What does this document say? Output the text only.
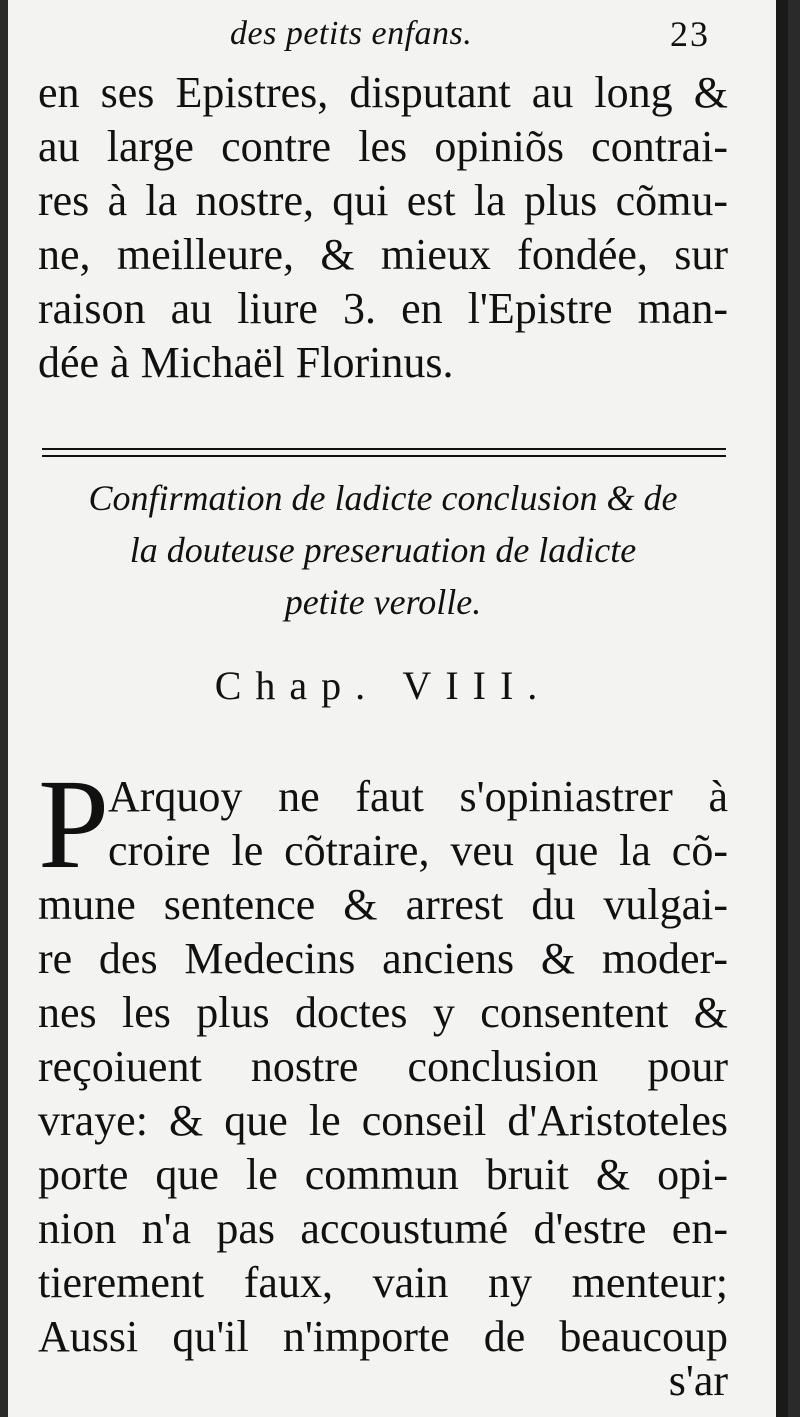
des petits enfans.	23
en ses Epistres, disputant au long &
au large contre les opiniõs contrai-
res à la nostre, qui est la plus cõmu-
ne, meilleure, & mieux fondée, sur
raison au liure 3. en l'Epistre man-
dée à Michaël Florinus.
Confirmation de ladicte conclusion & de
la douteuse preseruation de ladicte
petite verolle.
Chap. VIII.
P
Arquoy ne faut s'opiniastrer à
croire le cõtraire, veu que la cõ-
mune sentence & arrest du vulgai-
re des Medecins anciens & moder-
nes les plus doctes y consentent &
reçoiuent nostre conclusion pour
vraye: & que le conseil d'Aristoteles
porte que le commun bruit & opi-
nion n'a pas accoustumé d'estre en-
tierement faux, vain ny menteur;
Aussi qu'il n'importe de beaucoup
s'ar
